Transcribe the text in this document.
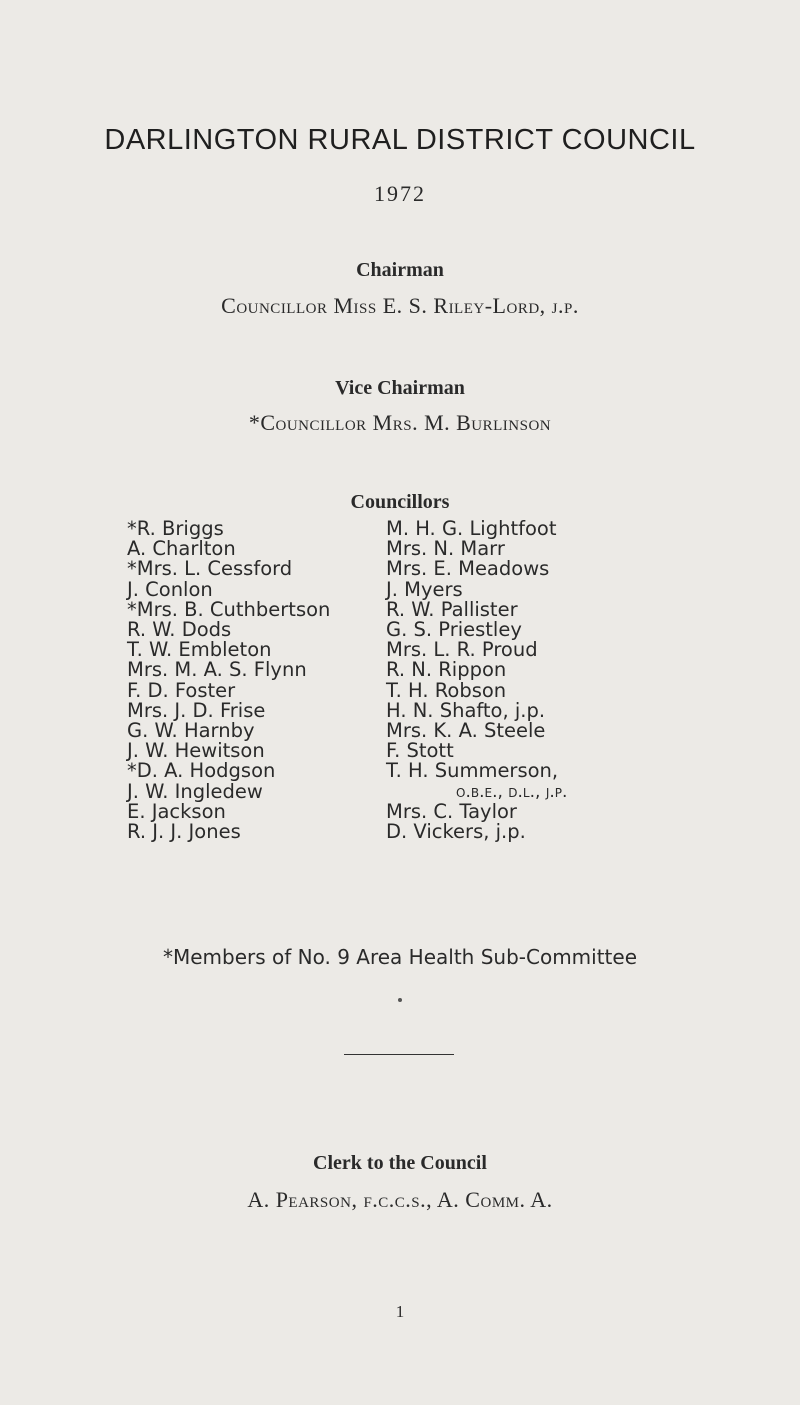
DARLINGTON RURAL DISTRICT COUNCIL
1972
Chairman
Councillor Miss E. S. Riley-Lord, j.p.
Vice Chairman
*Councillor Mrs. M. Burlinson
Councillors
*R. Briggs
A. Charlton
*Mrs. L. Cessford
J. Conlon
*Mrs. B. Cuthbertson
R. W. Dods
T. W. Embleton
Mrs. M. A. S. Flynn
F. D. Foster
Mrs. J. D. Frise
G. W. Harnby
J. W. Hewitson
*D. A. Hodgson
J. W. Ingledew
E. Jackson
R. J. J. Jones
M. H. G. Lightfoot
Mrs. N. Marr
Mrs. E. Meadows
J. Myers
R. W. Pallister
G. S. Priestley
Mrs. L. R. Proud
R. N. Rippon
T. H. Robson
H. N. Shafto, j.p.
Mrs. K. A. Steele
F. Stott
T. H. Summerson,
o.b.e., d.l., j.p.
Mrs. C. Taylor
D. Vickers, j.p.
*Members of No. 9 Area Health Sub-Committee
Clerk to the Council
A. Pearson, f.c.c.s., A. Comm. A.
1
